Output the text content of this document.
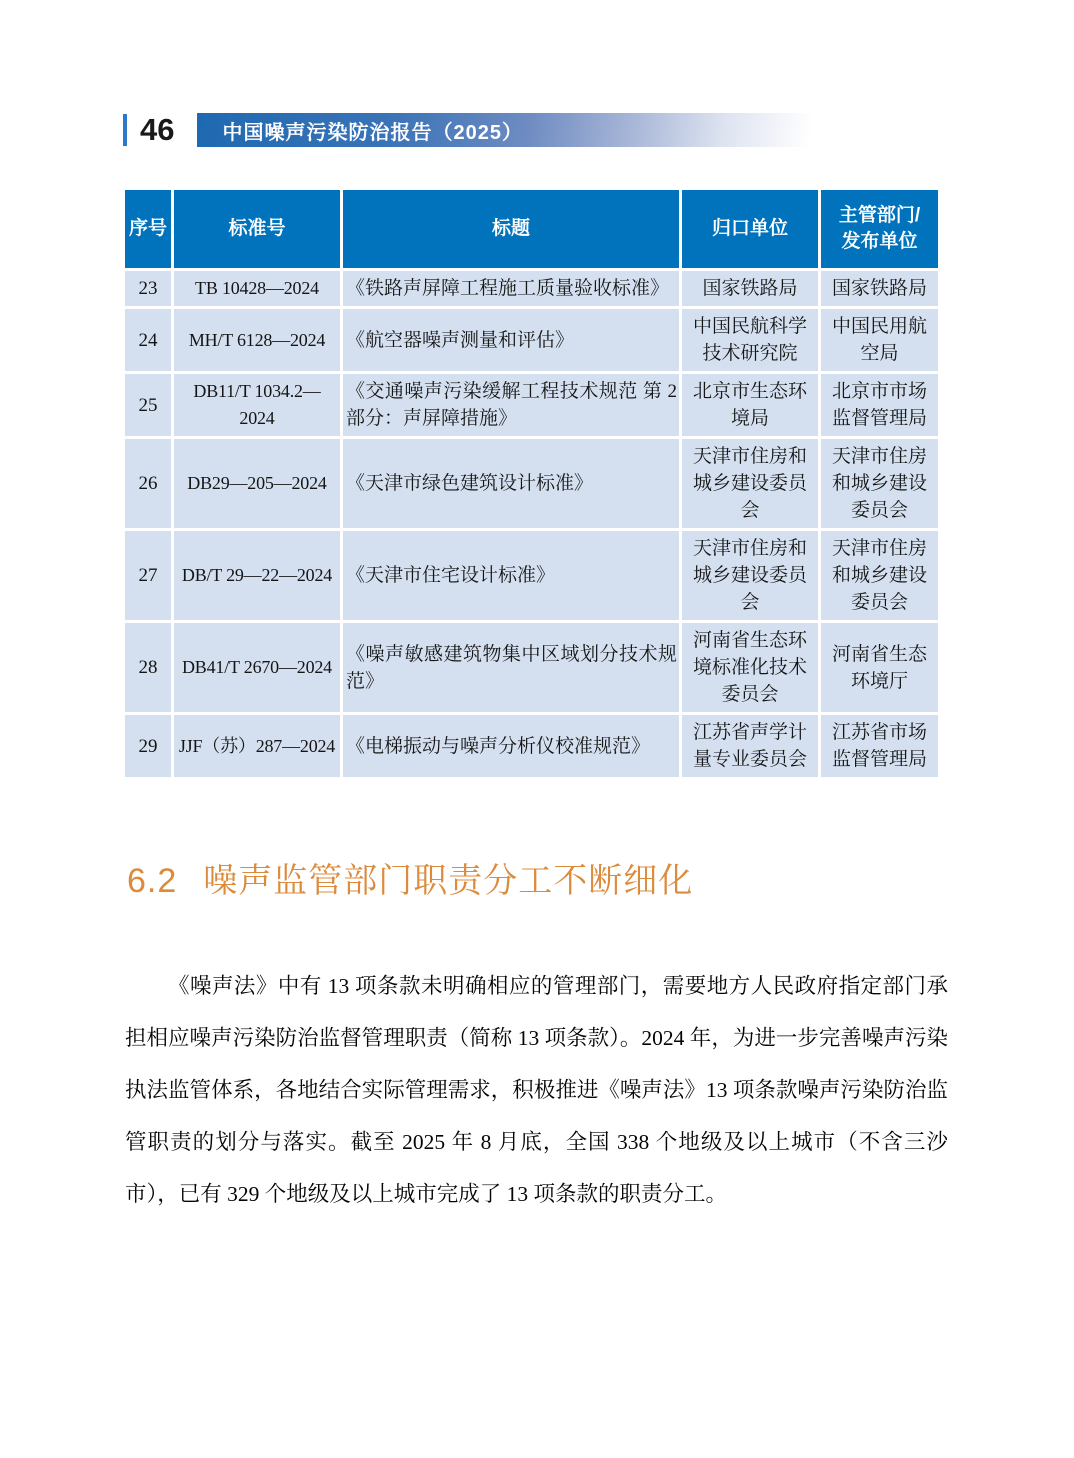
46 中国噪声污染防治报告（2025）
序号	标准号	标题	归口单位	主管部门/
发布单位
23	TB 10428—2024	《铁路声屏障工程施工质量验收标准》	国家铁路局	国家铁路局
24	MH/T 6128—2024	《航空器噪声测量和评估》	中国民航科学技术研究院	中国民用航空局
25	DB11/T 1034.2—2024	《交通噪声污染缓解工程技术规范 第 2 部分：声屏障措施》	北京市生态环境局	北京市市场监督管理局
26	DB29—205—2024	《天津市绿色建筑设计标准》	天津市住房和城乡建设委员会	天津市住房和城乡建设委员会
27	DB/T 29—22—2024	《天津市住宅设计标准》	天津市住房和城乡建设委员会	天津市住房和城乡建设委员会
28	DB41/T 2670—2024	《噪声敏感建筑物集中区域划分技术规范》	河南省生态环境标准化技术委员会	河南省生态环境厅
29	JJF（苏）287—2024	《电梯振动与噪声分析仪校准规范》	江苏省声学计量专业委员会	江苏省市场监督管理局
6.2 噪声监管部门职责分工不断细化

《噪声法》中有 13 项条款未明确相应的管理部门，需要地方人民政府指定部门承担相应噪声污染防治监督管理职责（简称 13 项条款）。2024 年，为进一步完善噪声污染执法监管体系，各地结合实际管理需求，积极推进《噪声法》13 项条款噪声污染防治监管职责的划分与落实。截至 2025 年 8 月底，全国 338 个地级及以上城市（不含三沙市），已有 329 个地级及以上城市完成了 13 项条款的职责分工。
